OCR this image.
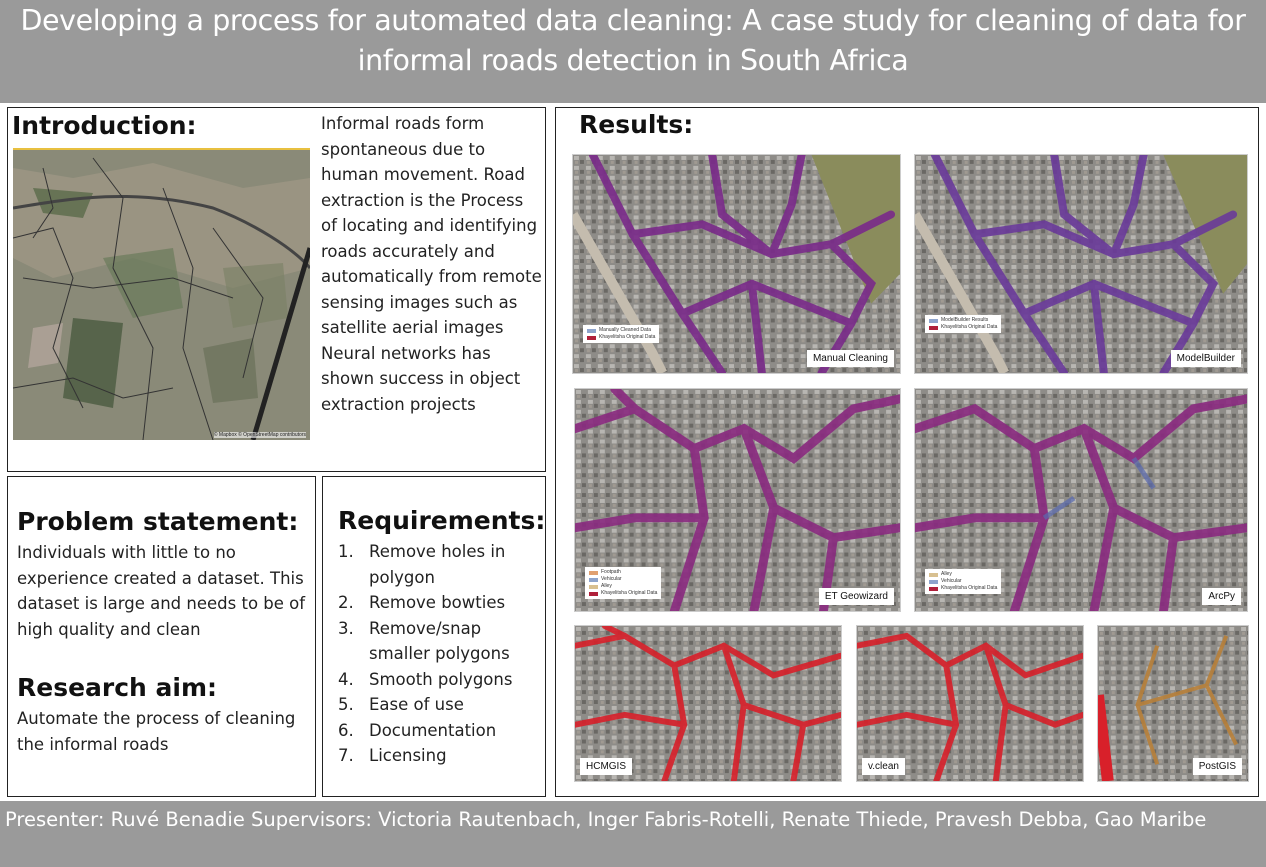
Developing a process for automated data cleaning: A case study for cleaning of data for informal roads detection in South Africa
Introduction:
© Mapbox © OpenStreetMap contributors
Informal roads form spontaneous due to human movement. Road extraction is the Process of locating and identifying roads accurately and automatically from remote sensing images such as satellite aerial images Neural networks has shown success in object extraction projects
Problem statement:
Individuals with little to no experience created a dataset. This dataset is large and needs to be of high quality and clean
Research aim:
Automate the process of cleaning the informal roads
Requirements:
1. Remove holes in polygon
2. Remove bowties
3. Remove/snap smaller polygons
4. Smooth polygons
5. Ease of use
6. Documentation
7. Licensing
Results:
Manually Cleaned Data
Khayelitsha Original Data
Manual Cleaning
ModelBuilder Results
Khayelitsha Original Data
ModelBuilder
Footpath
Vehicular
Alley
Khayelitsha Original Data	ET Geowizard
Alley
Vehicular
Khayelitsha Original Data
ArcPy
HCMGIS	v.clean	PostGIS

Presenter: Ruvé Benadie Supervisors: Victoria Rautenbach, Inger Fabris-Rotelli, Renate Thiede, Pravesh Debba, Gao Maribe
